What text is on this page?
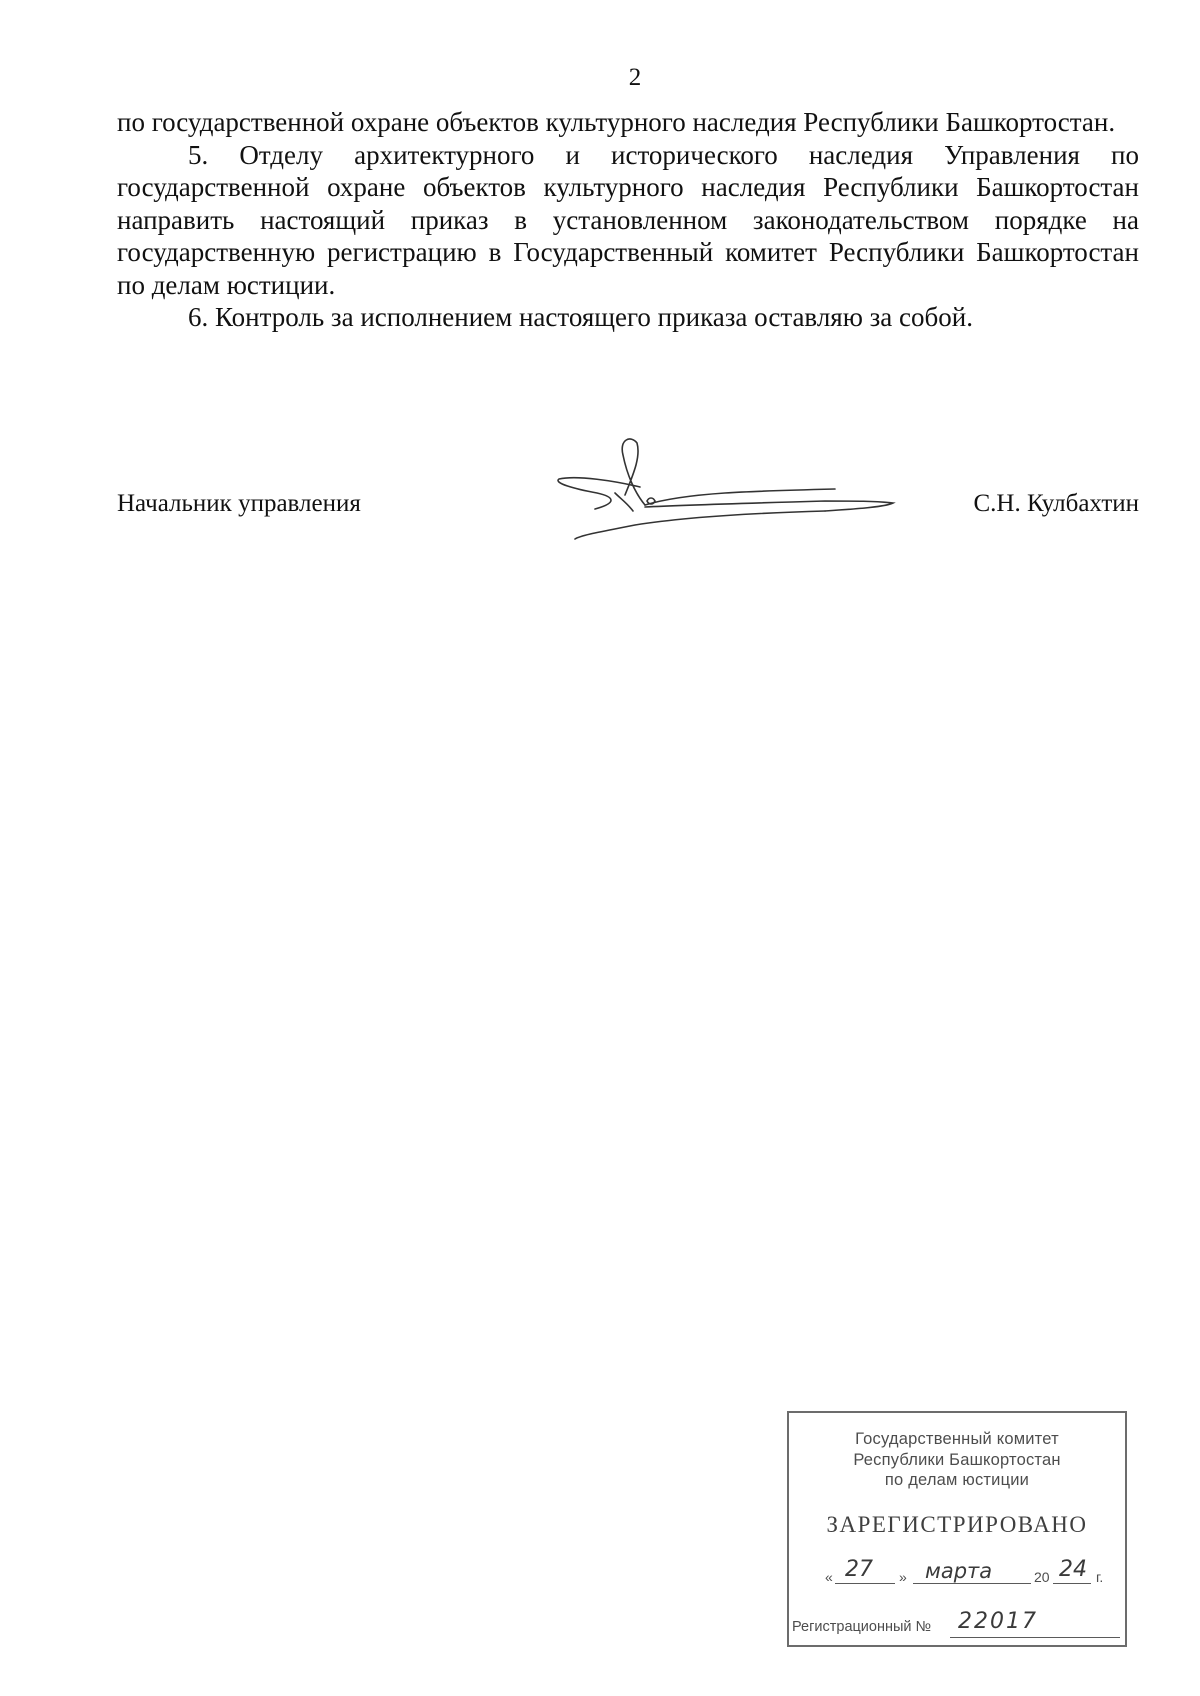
2

по государственной охране объектов культурного наследия Республики Башкортостан.

5. Отделу архитектурного и исторического наследия Управления по государственной охране объектов культурного наследия Республики Башкортостан направить настоящий приказ в установленном законодательством порядке на государственную регистрацию в Государственный комитет Республики Башкортостан по делам юстиции.

6. Контроль за исполнением настоящего приказа оставляю за собой.

Начальник управления	С.Н. Кулбахтин
Государственный комитет
Республики Башкортостан
по делам юстиции
ЗАРЕГИСТРИРОВАНО
« 27 » марта	20 24 г.
Регистрационный № 22017
